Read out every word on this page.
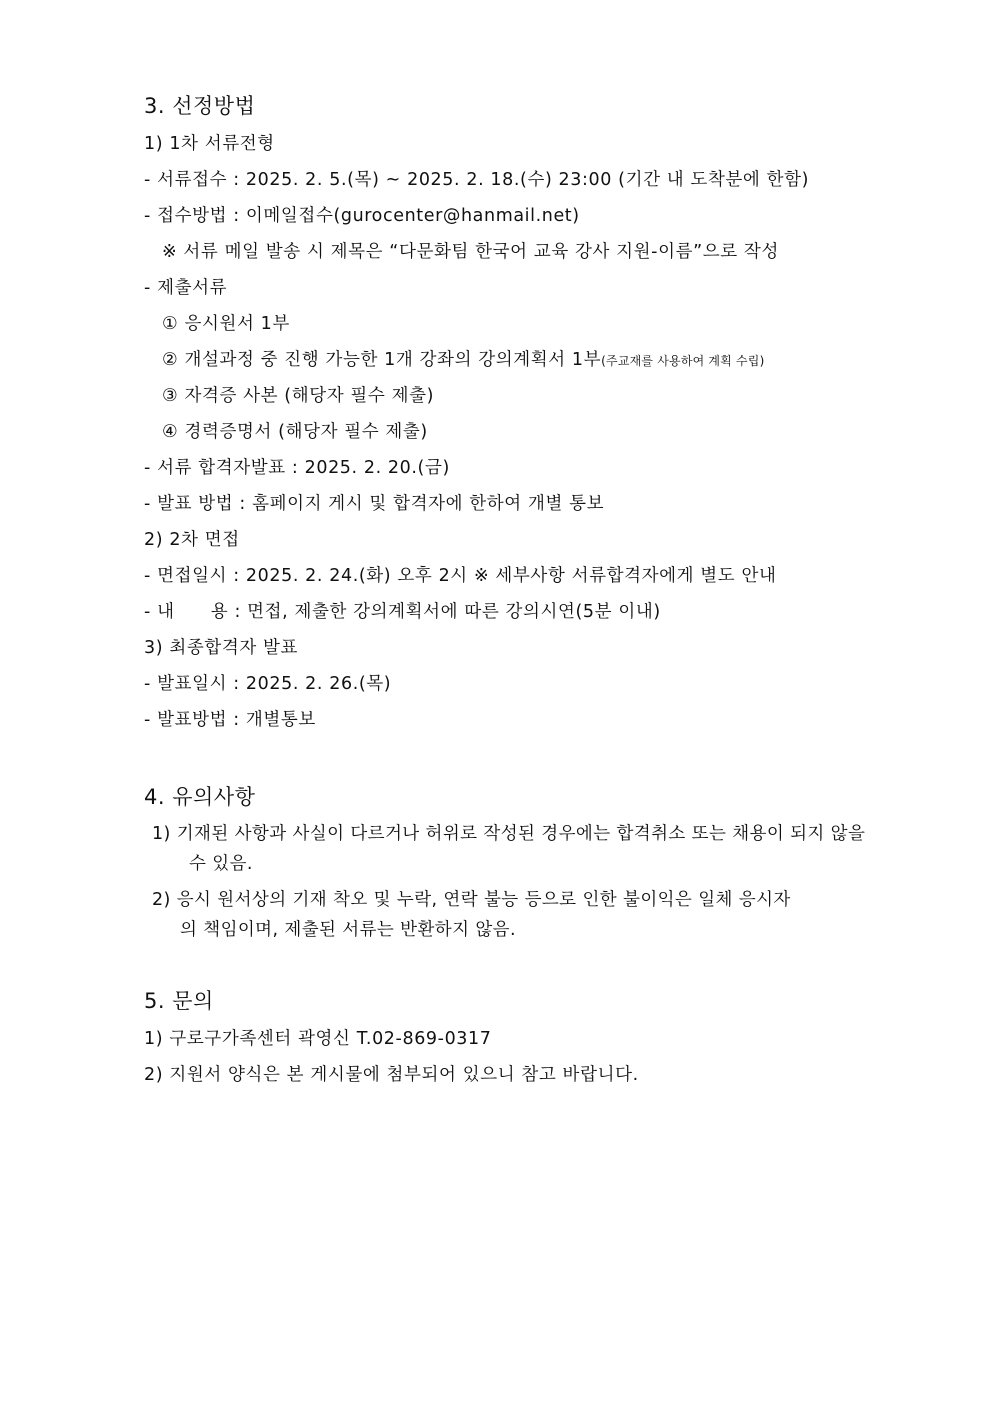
3. 선정방법
1) 1차 서류전형
- 서류접수 : 2025. 2. 5.(목) ~ 2025. 2. 18.(수) 23:00 (기간 내 도착분에 한함)
- 접수방법 : 이메일접수(gurocenter@hanmail.net)
※ 서류 메일 발송 시 제목은 “다문화팀 한국어 교육 강사 지원-이름”으로 작성
- 제출서류
① 응시원서 1부
② 개설과정 중 진행 가능한 1개 강좌의 강의계획서 1부(주교재를 사용하여 계획 수립)
③ 자격증 사본 (해당자 필수 제출)
④ 경력증명서 (해당자 필수 제출)
- 서류 합격자발표 : 2025. 2. 20.(금)
- 발표 방법 : 홈페이지 게시 및 합격자에 한하여 개별 통보
2) 2차 면접
- 면접일시 : 2025. 2. 24.(화) 오후 2시 ※ 세부사항 서류합격자에게 별도 안내
- 내　　용 : 면접, 제출한 강의계획서에 따른 강의시연(5분 이내)
3) 최종합격자 발표
- 발표일시 : 2025. 2. 26.(목)
- 발표방법 : 개별통보
4. 유의사항
1) 기재된 사항과 사실이 다르거나 허위로 작성된 경우에는 합격취소 또는 채용이 되지 않을
수 있음.
2) 응시 원서상의 기재 착오 및 누락, 연락 불능 등으로 인한 불이익은 일체 응시자
의 책임이며, 제출된 서류는 반환하지 않음.
5. 문의
1) 구로구가족센터 곽영신 T.02-869-0317
2) 지원서 양식은 본 게시물에 첨부되어 있으니 참고 바랍니다.
